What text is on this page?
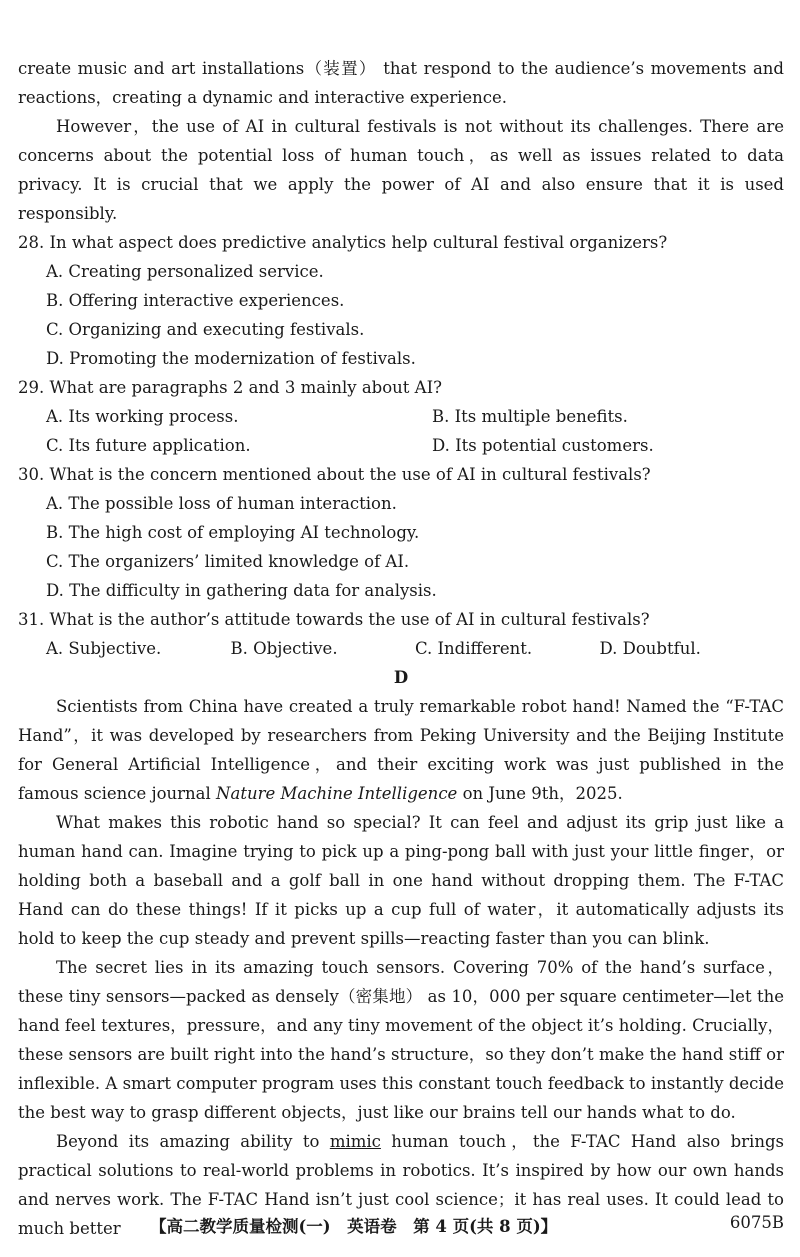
create music and art installations（装置） that respond to the audience’s movements and reactions，creating a dynamic and interactive experience.
However，the use of AI in cultural festivals is not without its challenges. There are concerns about the potential loss of human touch，as well as issues related to data privacy. It is crucial that we apply the power of AI and also ensure that it is used responsibly.
28. In what aspect does predictive analytics help cultural festival organizers?
A. Creating personalized service.
B. Offering interactive experiences.
C. Organizing and executing festivals.
D. Promoting the modernization of festivals.
29. What are paragraphs 2 and 3 mainly about AI?
A. Its working process.	B. Its multiple benefits.
C. Its future application.	D. Its potential customers.
30. What is the concern mentioned about the use of AI in cultural festivals?
A. The possible loss of human interaction.
B. The high cost of employing AI technology.
C. The organizers’ limited knowledge of AI.
D. The difficulty in gathering data for analysis.
31. What is the author’s attitude towards the use of AI in cultural festivals?
A. Subjective.	B. Objective.	C. Indifferent.	D. Doubtful.
D
Scientists from China have created a truly remarkable robot hand! Named the “F-TAC Hand”，it was developed by researchers from Peking University and the Beijing Institute for General Artificial Intelligence，and their exciting work was just published in the famous science journal Nature Machine Intelligence on June 9th，2025.
What makes this robotic hand so special? It can feel and adjust its grip just like a human hand can. Imagine trying to pick up a ping-pong ball with just your little finger，or holding both a baseball and a golf ball in one hand without dropping them. The F-TAC Hand can do these things! If it picks up a cup full of water，it automatically adjusts its hold to keep the cup steady and prevent spills—reacting faster than you can blink.
The secret lies in its amazing touch sensors. Covering 70% of the hand’s surface，these tiny sensors—packed as densely（密集地） as 10，000 per square centimeter—let the hand feel textures，pressure，and any tiny movement of the object it’s holding. Crucially，these sensors are built right into the hand’s structure，so they don’t make the hand stiff or inflexible. A smart computer program uses this constant touch feedback to instantly decide the best way to grasp different objects，just like our brains tell our hands what to do.
Beyond its amazing ability to mimic human touch，the F-TAC Hand also brings practical solutions to real-world problems in robotics. It’s inspired by how our own hands and nerves work. The F-TAC Hand isn’t just cool science；it has real uses. It could lead to much better	【高二教学质量检测(一)　英语卷　第 4 页(共 8 页)】	6075B
